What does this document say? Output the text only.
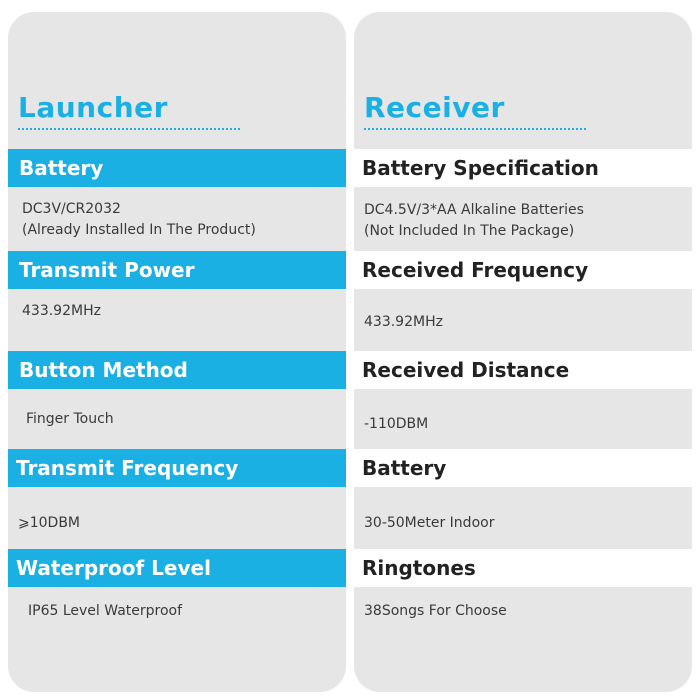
Launcher
Battery
DC3V/CR2032
(Already Installed In The Product)
Transmit Power
433.92MHz
Button Method
Finger Touch
Transmit Frequency
⩾10DBM
Waterproof Level
IP65 Level Waterproof
Receiver
Battery Specification
DC4.5V/3*AA Alkaline Batteries
(Not Included In The Package)
Received Frequency
433.92MHz
Received Distance
-110DBM
Battery
30-50Meter Indoor
Ringtones
38Songs For Choose
